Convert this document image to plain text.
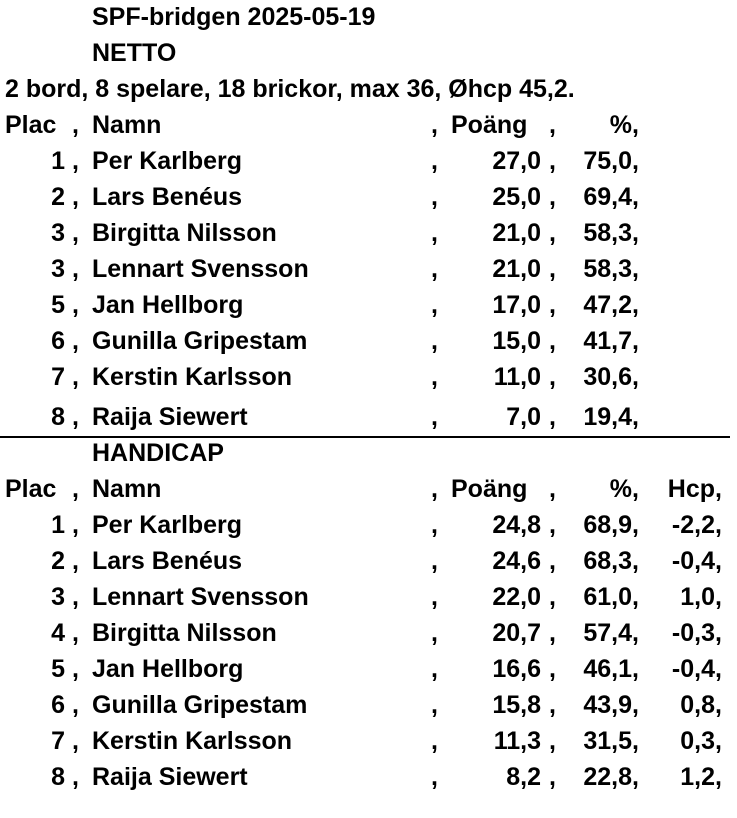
SPF-bridgen 2025-05-19
NETTO
2 bord, 8 spelare, 18 brickor, max 36, Øhcp 45,2.
Plac , Namn	, Poäng , % ,
1 , Per Karlberg	, 27,0 , 75,0 ,
2 , Lars Benéus	, 25,0 , 69,4 ,
3 , Birgitta Nilsson	, 21,0 , 58,3 ,
3 , Lennart Svensson	, 21,0 , 58,3 ,
5 , Jan Hellborg	, 17,0 , 47,2 ,
6 , Gunilla Gripestam	, 15,0 , 41,7 ,
7 , Kerstin Karlsson	, 11,0 , 30,6 ,
8 , Raija Siewert	,	7,0 , 19,4 ,
HANDICAP
Plac , Namn	, Poäng , % , Hcp ,
1 , Per Karlberg	, 24,8 , 68,9 , -2,2 ,
2 , Lars Benéus	, 24,6 , 68,3 , -0,4 ,
3 , Lennart Svensson	, 22,0 , 61,0 , 1,0 ,
4 , Birgitta Nilsson	, 20,7 , 57,4 , -0,3 ,
5 , Jan Hellborg	, 16,6 , 46,1 , -0,4 ,
6 , Gunilla Gripestam	, 15,8 , 43,9 , 0,8 ,
7 , Kerstin Karlsson	, 11,3 , 31,5 , 0,3 ,
8 , Raija Siewert	,	8,2 , 22,8 , 1,2 ,
